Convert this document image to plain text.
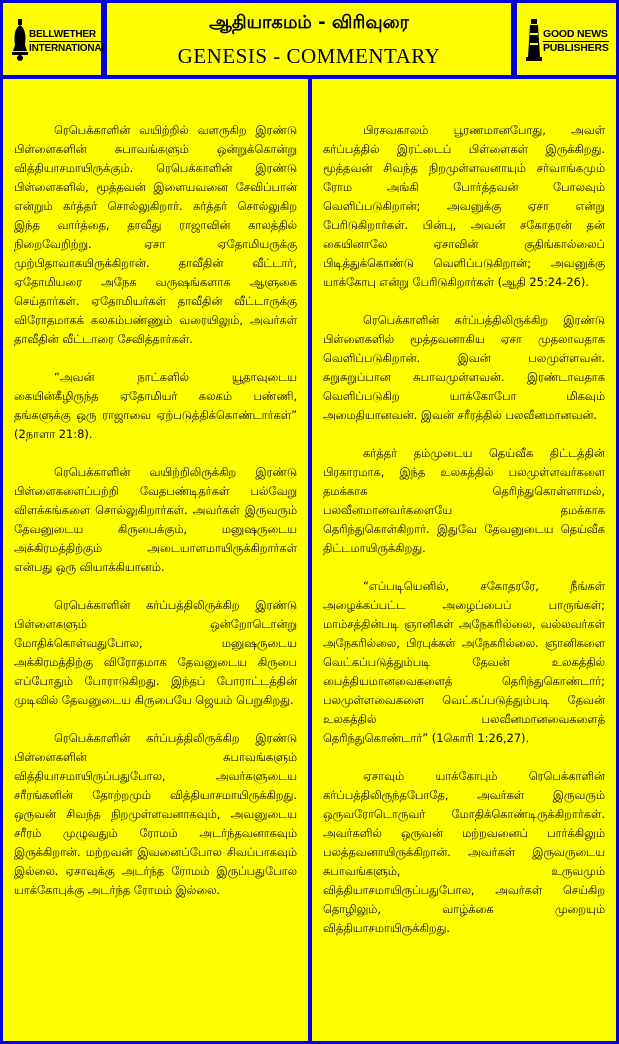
BELLWETHER
INTERNATIONAL
ஆதியாகமம் - விரிவுரை
GENESIS - COMMENTARY
GOOD NEWS
PUBLISHERS

ரெபெக்காளின் வயிற்றில் வளருகிற இரண்டு பிள்ளைகளின் சுபாவங்களும் ஒன்றுக்கொன்று வித்தியாசமாயிருக்கும். ரெபெக்காளின் இரண்டு பிள்ளைகளில், மூத்தவன் இளையவனை சேவிப்பான் என்றும் கர்த்தர் சொல்லுகிறார். கர்த்தர் சொல்லுகிற இந்த வார்த்தை, தாவீது ராஜாவின் காலத்தில் நிறைவேறிற்று. ஏசா ஏதோமியருக்கு முற்பிதாவாகயிருக்கிறான். தாவீதின் வீட்டார், ஏதோமியரை அநேக வருஷங்களாக ஆளுகை செய்தார்கள். ஏதோமியர்கள் தாவீதின் வீட்டாருக்கு விரோதமாகக் கலகம்பண்ணும் வரையிலும், அவர்கள் தாவீதின் வீட்டாரை சேவித்தார்கள்.

“அவன் நாட்களில் யூதாவுடைய கையின்கீழிருந்த ஏதோமியர் கலகம் பண்ணி, தங்களுக்கு ஒரு ராஜாவை ஏற்படுத்திக்கொண்டார்கள்” (2நாளா 21:8).

ரெபெக்காளின் வயிற்றிலிருக்கிற இரண்டு பிள்ளைகளைப்பற்றி வேதபண்டிதர்கள் பல்வேறு விளக்கங்களை சொல்லுகிறார்கள். அவர்கள் இருவரும் தேவனுடைய கிருபைக்கும், மனுஷருடைய அக்கிரமத்திற்கும் அடையாளமாயிருக்கிறார்கள் என்பது ஒரு வியாக்கியானம்.

ரெபெக்காளின் கர்ப்பத்திலிருக்கிற இரண்டு பிள்ளைகளும் ஒன்றோடொன்று மோதிக்கொள்வதுபோல, மனுஷருடைய அக்கிரமத்திற்கு விரோதமாக தேவனுடைய கிருபை எப்போதும் போராடுகிறது. இந்தப் போராட்டத்தின் முடிவில் தேவனுடைய கிருபையே ஜெயம் பெறுகிறது.

ரெபெக்காளின் கர்ப்பத்திலிருக்கிற இரண்டு பிள்ளைகளின் சுபாவங்களும் வித்தியாசமாயிருப்பதுபோல, அவர்களுடைய சரீரங்களின் தோற்றமும் வித்தியாசமாயிருக்கிறது. ஒருவன் சிவந்த நிறமுள்ளவனாகவும், அவனுடைய சரீரம் முழுவதும் ரோமம் அடர்ந்தவனாகவும் இருக்கிறான். மற்றவன் இவனைப்போல சிவப்பாகவும் இல்லை. ஏசாவுக்கு அடர்ந்த ரோமம் இருப்பதுபோல யாக்கோபுக்கு அடர்ந்த ரோமம் இல்லை.

பிரசவகாலம் பூரணமானபோது, அவள் கர்ப்பத்தில் இரட்டைப் பிள்ளைகள் இருக்கிறது. மூத்தவன் சிவந்த நிறமுள்ளவனாயும் சர்வாங்கமும் ரோம அங்கி போர்த்தவன் போலவும் வெளிப்படுகிறான்; அவனுக்கு ஏசா என்று பேரிடுகிறார்கள். பின்பு, அவன் சகோதரன் தன் கையினாலே ஏசாவின் குதிங்கால்லைப் பிடித்துக்கொண்டு வெளிப்படுகிறான்; அவனுக்கு யாக்கோபு என்று பேரிடுகிறார்கள் (ஆதி 25:24-26).

ரெபெக்காளின் கர்ப்பத்திலிருக்கிற இரண்டு பிள்ளைகளில் மூத்தவனாகிய ஏசா முதலாவதாக வெளிப்படுகிறான். இவன் பலமுள்ளவன். சுறுசுறுப்பான சுபாவமுள்ளவன். இரண்டாவதாக வெளிப்படுகிற யாக்கோபோ மிகவும் அமைதியானவன். இவன் சரீரத்தில் பலவீனமானவன்.

கர்த்தர் தம்முடைய தெய்வீக திட்டத்தின் பிரகாரமாக, இந்த உலகத்தில் பலமுள்ளவர்களை தமக்காக தெரிந்துகொள்ளாமல், பலவீனமானவர்களையே தமக்காக தெரிந்துகொள்கிறார். இதுவே தேவனுடைய தெய்வீக திட்டமாயிருக்கிறது.

“எப்படியெனில், சகோதரரே, நீங்கள் அழைக்கப்பட்ட அழைப்பைப் பாருங்கள்; மாம்சத்தின்படி ஞானிகள் அநேகரில்லை, வல்லவர்கள் அநேகரில்லை, பிரபுக்கள் அநேகரில்லை. ஞானிகளை வெட்கப்படுத்தும்படி தேவன் உலகத்தில் பைத்தியமானவைகளைத் தெரிந்துகொண்டார்; பலமுள்ளவைகளை வெட்கப்படுத்தும்படி தேவன் உலகத்தில் பலவீனமானவைகளைத் தெரிந்துகொண்டார்” (1கொரி 1:26,27).

ஏசாவும் யாக்கோபும் ரெபெக்காளின் கர்ப்பத்திலிருந்தபோதே, அவர்கள் இருவரும் ஒருவரோடொருவர் மோதிக்கொண்டிருக்கிறார்கள். அவர்களில் ஒருவன் மற்றவனைப் பார்க்கிலும் பலத்தவனாயிருக்கிறான். அவர்கள் இருவருடைய சுபாவங்களும், உருவமும் வித்தியாசமாயிருப்பதுபோல, அவர்கள் செய்கிற தொழிலும், வாழ்க்கை முறையும் வித்தியாசமாயிருக்கிறது.
